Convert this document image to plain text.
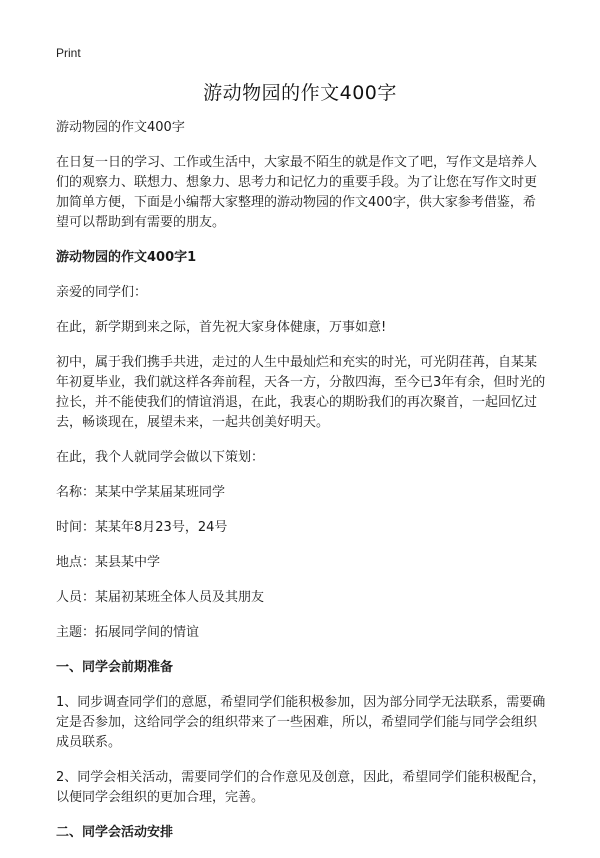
Print
游动物园的作文400字

游动物园的作文400字

在日复一日的学习、工作或生活中，大家最不陌生的就是作文了吧，写作文是培养人们的观察力、联想力、想象力、思考力和记忆力的重要手段。为了让您在写作文时更加简单方便，下面是小编帮大家整理的游动物园的作文400字，供大家参考借鉴，希望可以帮助到有需要的朋友。

游动物园的作文400字1

亲爱的同学们：

在此，新学期到来之际，首先祝大家身体健康，万事如意!

初中，属于我们携手共进，走过的人生中最灿烂和充实的时光，可光阴荏苒，自某某年初夏毕业，我们就这样各奔前程，天各一方，分散四海，至今已3年有余，但时光的拉长，并不能使我们的情谊消退，在此，我衷心的期盼我们的再次聚首，一起回忆过去，畅谈现在，展望未来，一起共创美好明天。

在此，我个人就同学会做以下策划：

名称：某某中学某届某班同学

时间：某某年8月23号，24号

地点：某县某中学

人员：某届初某班全体人员及其朋友

主题：拓展同学间的情谊

一、同学会前期准备

1、同步调查同学们的意愿，希望同学们能积极参加，因为部分同学无法联系，需要确定是否参加，这给同学会的组织带来了一些困难，所以，希望同学们能与同学会组织成员联系。

2、同学会相关活动，需要同学们的合作意见及创意，因此，希望同学们能积极配合，以便同学会组织的更加合理，完善。

二、同学会活动安排
